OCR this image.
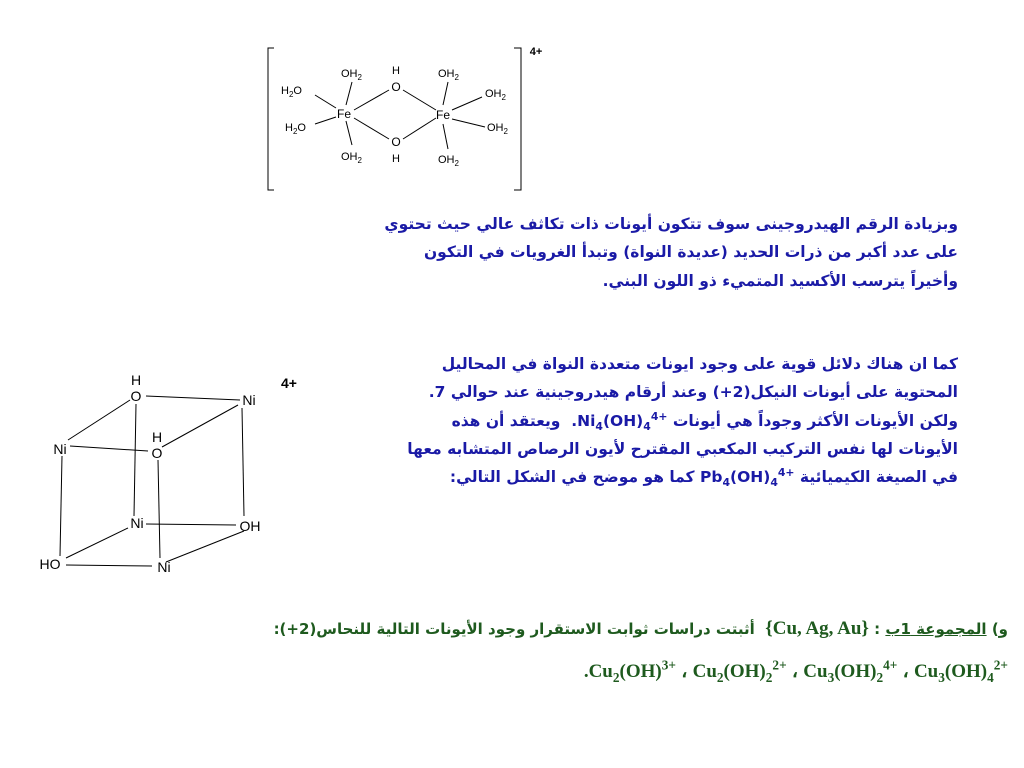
4+
Fe	Fe
H
O
O
H
$H_2O$
$H_2O$
$OH_2$
$OH_2$
$OH_2$
$OH_2$
$OH_2$
$OH_2$
4+
H
O	Ni
Ni
H
O
Ni	OH
HO	Ni
وبزيادة الرقم الهيدروجينى سوف تتكون أيونات ذات تكاثف عالي حيث تحتوي
على عدد أكبر من ذرات الحديد (عديدة النواة) وتبدأ الغرويات في التكون
وأخيراً يترسب الأكسيد المتميء ذو اللون البني.
كما ان هناك دلائل قوية على وجود ايونات متعددة النواة في المحاليل
المحتوية على أيونات النيكل(2+) وعند أرقام هيدروجينية عند حوالي 7.
ولكن الأيونات الأكثر وجوداً هي أيونات $Ni_4(OH)_4^{4+}$.  ويعتقد أن هذه
الأيونات لها نفس التركيب المكعبي المقترح لأيون الرصاص المتشابه معها
في الصيغة الكيميائية $Pb_4(OH)_4^{4+}$ كما هو موضح في الشكل التالي:
و) المجموعة 1ب : {Cu, Ag, Au}  أثبتت دراسات ثوابت الاستقرار وجود الأيونات التالية للنحاس(2+):
$Cu_2(OH)^{3+}$ ، $Cu_2(OH)_2^{2+}$ ، $Cu_3(OH)_2^{4+}$ ، $Cu_3(OH)_4^{2+}$.
